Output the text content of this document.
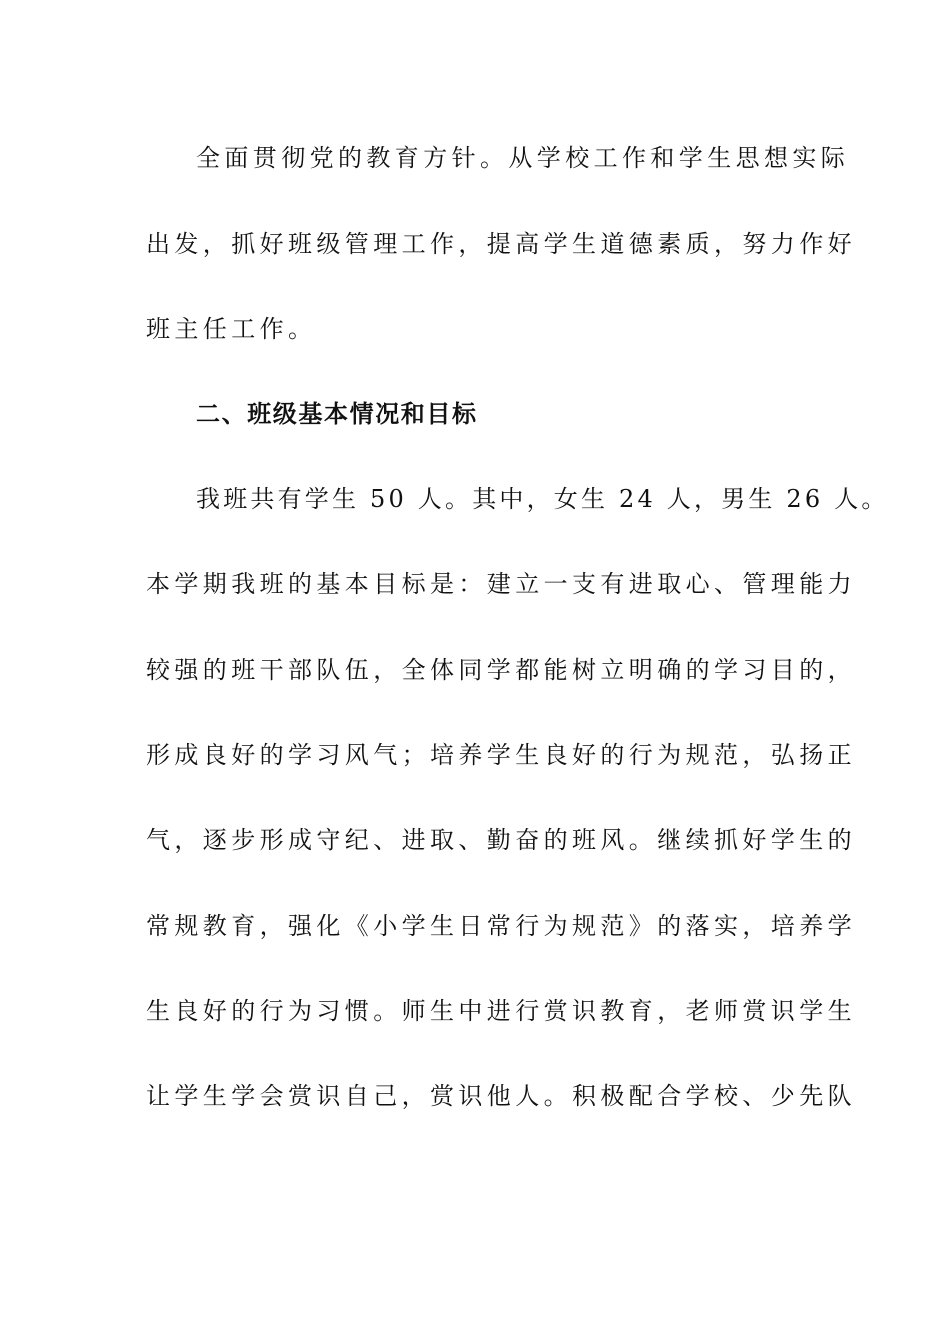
全面贯彻党的教育方针。从学校工作和学生思想实际
出发，抓好班级管理工作，提高学生道德素质，努力作好
班主任工作。
二、班级基本情况和目标
我班共有学生 50 人。其中，女生 24 人，男生 26 人。
本学期我班的基本目标是：建立一支有进取心、管理能力
较强的班干部队伍，全体同学都能树立明确的学习目的，
形成良好的学习风气；培养学生良好的行为规范，弘扬正
气，逐步形成守纪、进取、勤奋的班风。继续抓好学生的
常规教育，强化《小学生日常行为规范》的落实，培养学
生良好的行为习惯。师生中进行赏识教育，老师赏识学生
让学生学会赏识自己，赏识他人。积极配合学校、少先队
